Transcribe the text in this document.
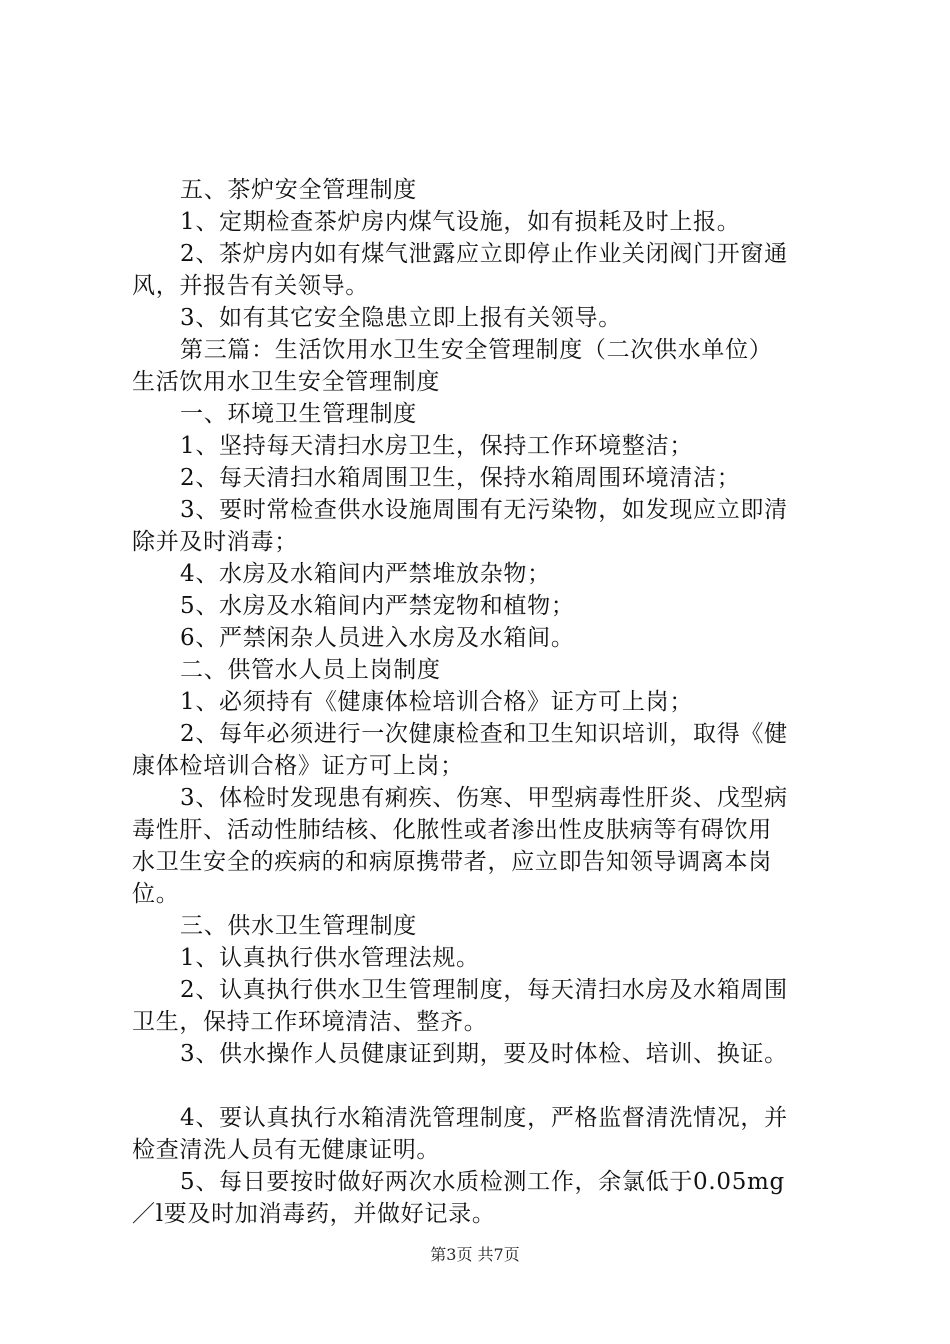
五、茶炉安全管理制度
1、定期检查茶炉房内煤气设施，如有损耗及时上报。
2、茶炉房内如有煤气泄露应立即停止作业关闭阀门开窗通
风，并报告有关领导。
3、如有其它安全隐患立即上报有关领导。
第三篇：生活饮用水卫生安全管理制度（二次供水单位）
生活饮用水卫生安全管理制度
一、环境卫生管理制度
1、坚持每天清扫水房卫生，保持工作环境整洁；
2、每天清扫水箱周围卫生，保持水箱周围环境清洁；
3、要时常检查供水设施周围有无污染物，如发现应立即清
除并及时消毒；
4、水房及水箱间内严禁堆放杂物；
5、水房及水箱间内严禁宠物和植物；
6、严禁闲杂人员进入水房及水箱间。
二、供管水人员上岗制度
1、必须持有《健康体检培训合格》证方可上岗；
2、每年必须进行一次健康检查和卫生知识培训，取得《健
康体检培训合格》证方可上岗；
3、体检时发现患有痢疾、伤寒、甲型病毒性肝炎、戊型病
毒性肝、活动性肺结核、化脓性或者渗出性皮肤病等有碍饮用
水卫生安全的疾病的和病原携带者，应立即告知领导调离本岗
位。
三、供水卫生管理制度
1、认真执行供水管理法规。
2、认真执行供水卫生管理制度，每天清扫水房及水箱周围
卫生，保持工作环境清洁、整齐。
3、供水操作人员健康证到期，要及时体检、培训、换证。
4、要认真执行水箱清洗管理制度，严格监督清洗情况，并
检查清洗人员有无健康证明。
5、每日要按时做好两次水质检测工作，余氯低于0.05mg
／l要及时加消毒药，并做好记录。
第3页 共7页
